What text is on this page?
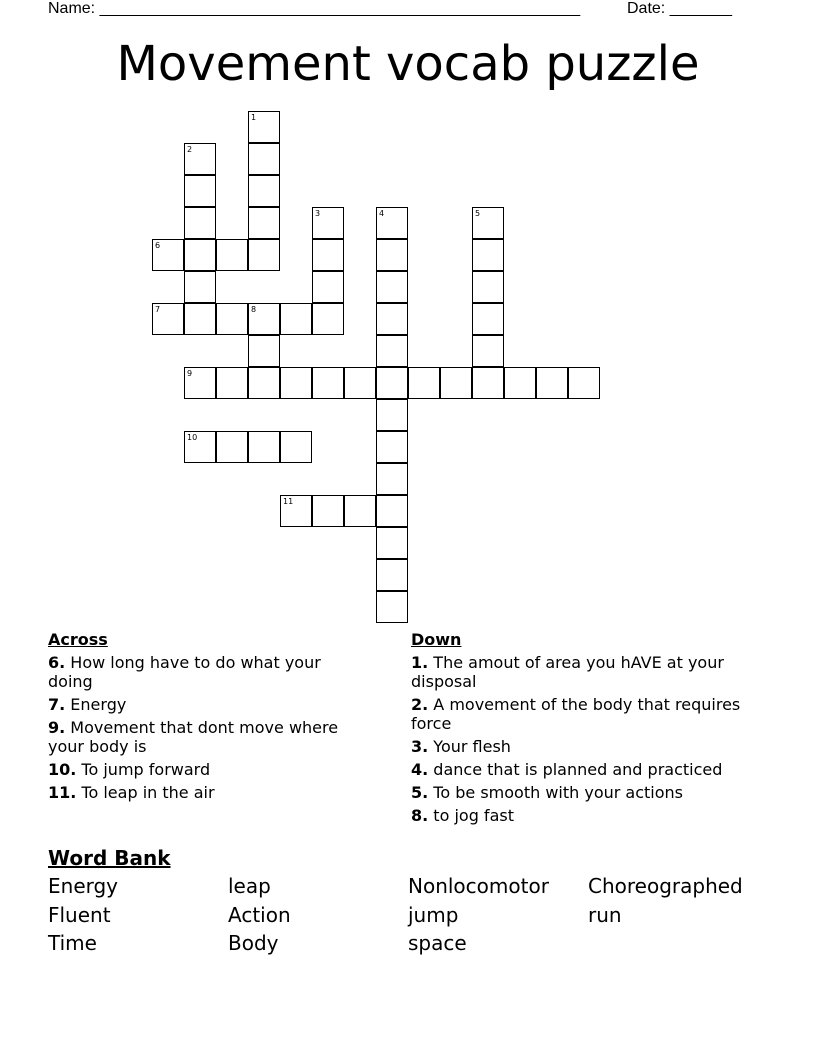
Name: ______________________________________________________	Date: _______
Movement vocab puzzle
1
2
3	4	5
6
7	8
9
10
11
Across
6. How long have to do what your doing
7. Energy
9. Movement that dont move where your body is
10. To jump forward
11. To leap in the air
Down
1. The amout of area you hAVE at your disposal
2. A movement of the body that requires force
3. Your flesh
4. dance that is planned and practiced
5. To be smooth with your actions
8. to jog fast
Word Bank
Energy	leap	Nonlocomotor	Choreographed
Fluent	Action	jump	run
Time	Body	space
